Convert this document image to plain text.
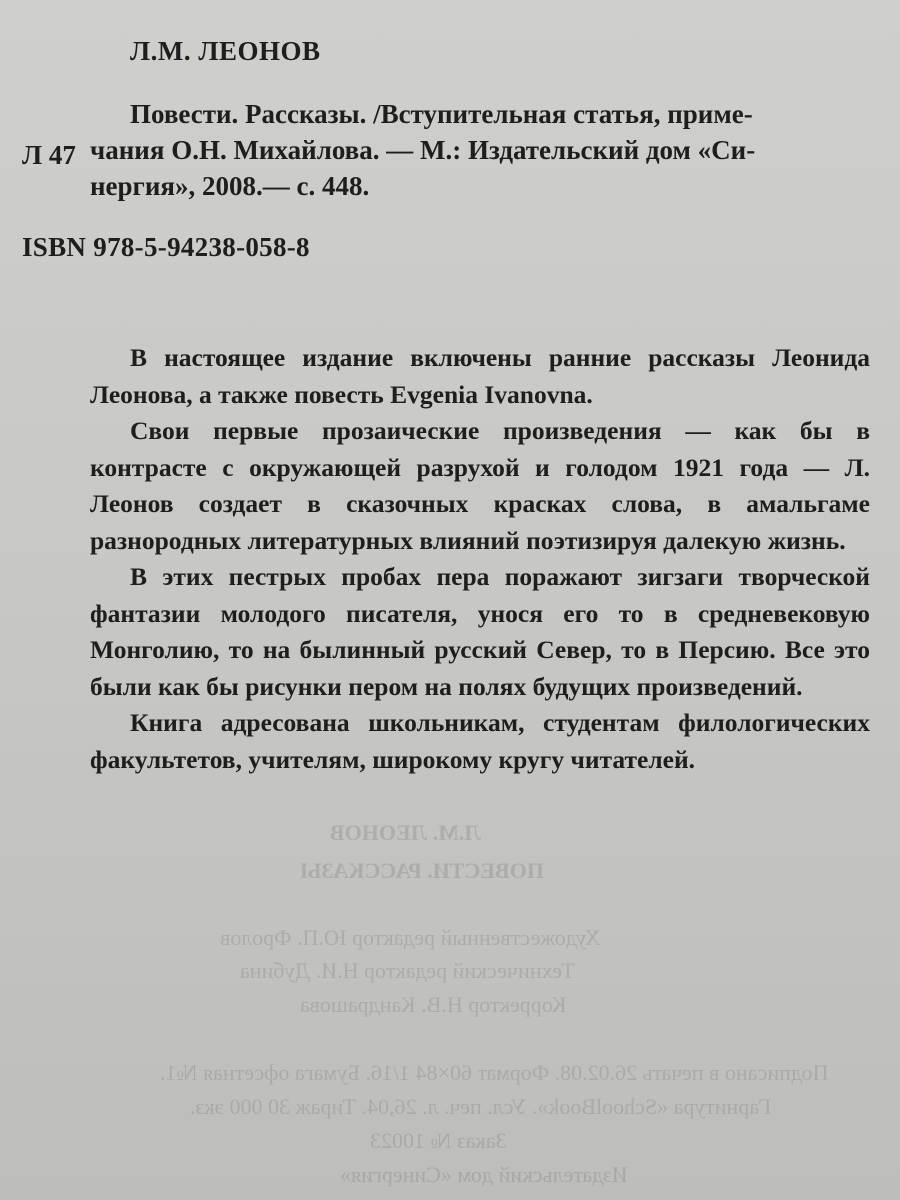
Л.М. ЛЕОНОВ
ПОВЕСТИ. РАССКАЗЫ
Художественный редактор Ю.П. Фролов
Технический редактор Н.И. Дубина
Корректор Н.В. Кандрашова
Подписано в печать 26.02.08. Формат 60×84 1/16. Бумага офсетная №1.
Гарнитура «SchoolBook». Усл. печ. л. 26,04. Тираж 30 000 экз.
Заказ № 10023
Издательский дом «Синергия»
Л.М. ЛЕОНОВ
Л 47
Повести. Рассказы. /Вступительная статья, приме-
чания О.Н. Михайлова. — М.: Издательский дом «Си-
нергия», 2008.— с. 448.
ISBN 978-5-94238-058-8

В настоящее издание включены ранние рассказы Леонида Леонова, а также повесть Evgenia Ivanovna.

Свои первые прозаические произведения — как бы в контрасте с окружающей разрухой и голодом 1921 года — Л. Леонов создает в сказочных красках слова, в амальгаме разнородных литературных влияний поэтизируя далекую жизнь.

В этих пестрых пробах пера поражают зигзаги творческой фантазии молодого писателя, унося его то в средневековую Монголию, то на былинный русский Север, то в Персию. Все это были как бы рисунки пером на полях будущих произведений.

Книга адресована школьникам, студентам филологических факультетов, учителям, широкому кругу читателей.
